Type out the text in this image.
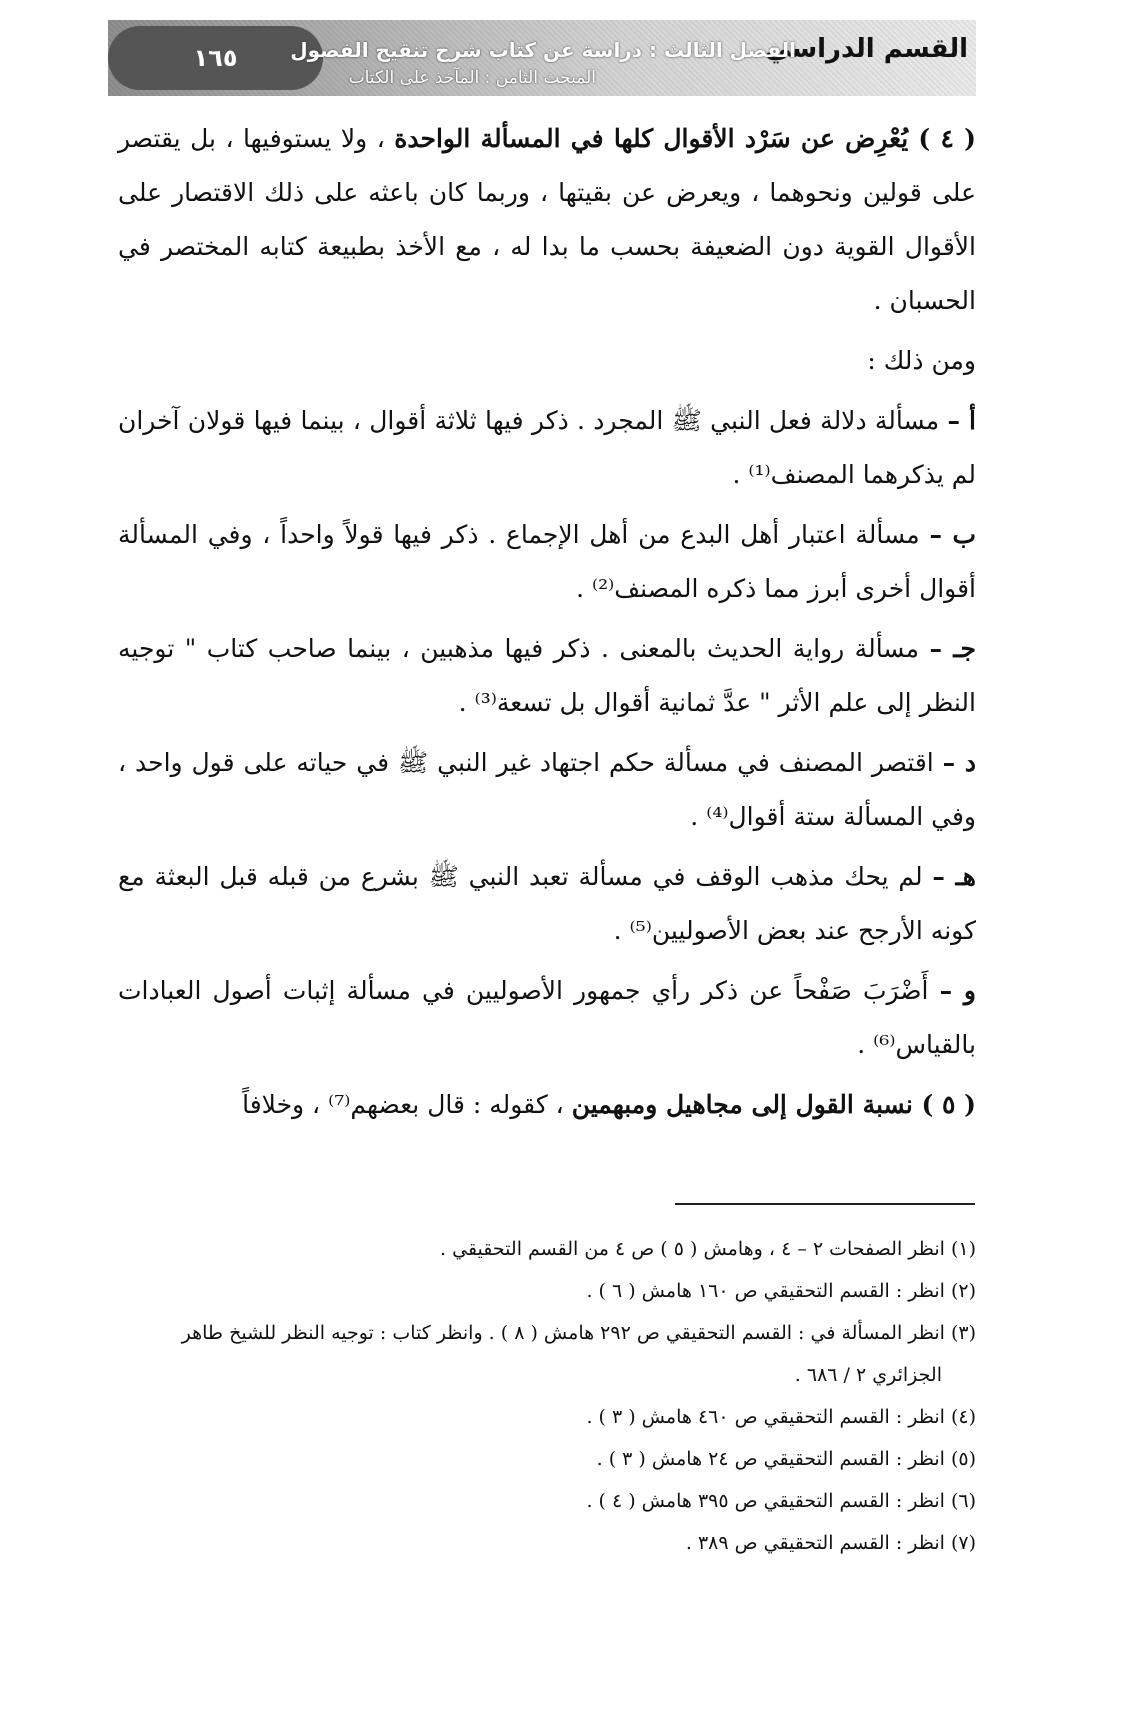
١٦٥	القسم الدراسي
الفصل الثالث : دراسة عن كتاب شرح تنقيح الفصول
المبحث الثامن : المآخذ على الكتاب

( ٤ ) يُعْرِض عن سَرْد الأقوال كلها في المسألة الواحدة ، ولا يستوفيها ، بل يقتصر على قولين ونحوهما ، ويعرض عن بقيتها ، وربما كان باعثه على ذلك الاقتصار على الأقوال القوية دون الضعيفة بحسب ما بدا له ، مع الأخذ بطبيعة كتابه المختصر في الحسبان .

ومن ذلك :

أ – مسألة دلالة فعل النبي ﷺ المجرد . ذكر فيها ثلاثة أقوال ، بينما فيها قولان آخران لم يذكرهما المصنف⁽¹⁾ .

ب – مسألة اعتبار أهل البدع من أهل الإجماع . ذكر فيها قولاً واحداً ، وفي المسألة أقوال أخرى أبرز مما ذكره المصنف⁽²⁾ .

جـ – مسألة رواية الحديث بالمعنى . ذكر فيها مذهبين ، بينما صاحب كتاب " توجيه النظر إلى علم الأثر " عدَّ ثمانية أقوال بل تسعة⁽³⁾ .

د – اقتصر المصنف في مسألة حكم اجتهاد غير النبي ﷺ في حياته على قول واحد ، وفي المسألة ستة أقوال⁽⁴⁾ .

هـ – لم يحك مذهب الوقف في مسألة تعبد النبي ﷺ بشرع من قبله قبل البعثة مع كونه الأرجح عند بعض الأصوليين⁽⁵⁾ .

و – أَضْرَبَ صَفْحاً عن ذكر رأي جمهور الأصوليين في مسألة إثبات أصول العبادات بالقياس⁽⁶⁾ .

( ٥ ) نسبة القول إلى مجاهيل ومبهمين ، كقوله : قال بعضهم⁽⁷⁾ ، وخلافاً

(١) انظر الصفحات ٢ – ٤ ، وهامش ( ٥ ) ص ٤ من القسم التحقيقي .

(٢) انظر : القسم التحقيقي ص ١٦٠ هامش ( ٦ ) .

(٣) انظر المسألة في : القسم التحقيقي ص ٢٩٢ هامش ( ٨ ) . وانظر كتاب : توجيه النظر للشيخ طاهر

الجزائري ٢ / ٦٨٦ .

(٤) انظر : القسم التحقيقي ص ٤٦٠ هامش ( ٣ ) .

(٥) انظر : القسم التحقيقي ص ٢٤ هامش ( ٣ ) .

(٦) انظر : القسم التحقيقي ص ٣٩٥ هامش ( ٤ ) .

(٧) انظر : القسم التحقيقي ص ٣٨٩ .
